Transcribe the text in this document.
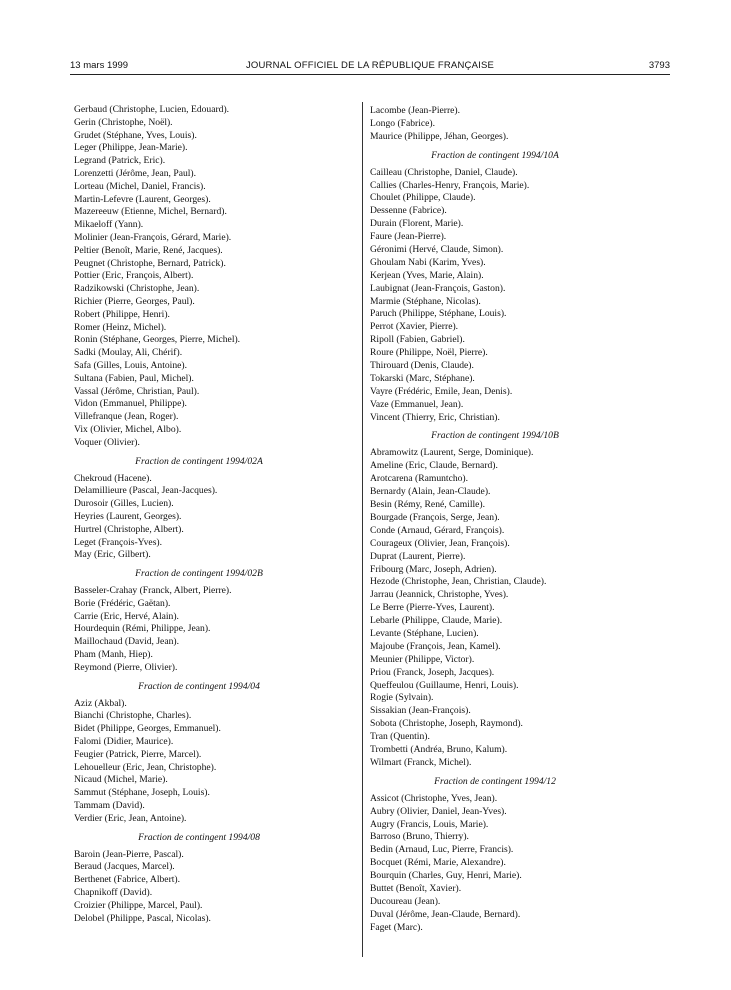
13 mars 1999	JOURNAL OFFICIEL DE LA RÉPUBLIQUE FRANÇAISE	3793
Gerbaud (Christophe, Lucien, Edouard).
Gerin (Christophe, Noël).
Grudet (Stéphane, Yves, Louis).
Leger (Philippe, Jean-Marie).
Legrand (Patrick, Eric).
Lorenzetti (Jérôme, Jean, Paul).
Lorteau (Michel, Daniel, Francis).
Martin-Lefevre (Laurent, Georges).
Mazereeuw (Etienne, Michel, Bernard).
Mikaeloff (Yann).
Molinier (Jean-François, Gérard, Marie).
Peltier (Benoît, Marie, René, Jacques).
Peugnet (Christophe, Bernard, Patrick).
Pottier (Eric, François, Albert).
Radzikowski (Christophe, Jean).
Richier (Pierre, Georges, Paul).
Robert (Philippe, Henri).
Romer (Heinz, Michel).
Ronin (Stéphane, Georges, Pierre, Michel).
Sadki (Moulay, Ali, Chérif).
Safa (Gilles, Louis, Antoine).
Sultana (Fabien, Paul, Michel).
Vassal (Jérôme, Christian, Paul).
Vidon (Emmanuel, Philippe).
Villefranque (Jean, Roger).
Vix (Olivier, Michel, Albo).
Voquer (Olivier).
Fraction de contingent 1994/02A
Chekroud (Hacene).
Delamillieure (Pascal, Jean-Jacques).
Durosoir (Gilles, Lucien).
Heyries (Laurent, Georges).
Hurtrel (Christophe, Albert).
Leget (François-Yves).
May (Eric, Gilbert).
Fraction de contingent 1994/02B
Basseler-Crahay (Franck, Albert, Pierre).
Borie (Frédéric, Gaëtan).
Carrie (Eric, Hervé, Alain).
Hourdequin (Rémi, Philippe, Jean).
Maillochaud (David, Jean).
Pham (Manh, Hiep).
Reymond (Pierre, Olivier).
Fraction de contingent 1994/04
Aziz (Akbal).
Bianchi (Christophe, Charles).
Bidet (Philippe, Georges, Emmanuel).
Falomi (Didier, Maurice).
Feugier (Patrick, Pierre, Marcel).
Lehouelleur (Eric, Jean, Christophe).
Nicaud (Michel, Marie).
Sammut (Stéphane, Joseph, Louis).
Tammam (David).
Verdier (Eric, Jean, Antoine).
Fraction de contingent 1994/08
Baroin (Jean-Pierre, Pascal).
Beraud (Jacques, Marcel).
Berthenet (Fabrice, Albert).
Chapnikoff (David).
Croizier (Philippe, Marcel, Paul).
Delobel (Philippe, Pascal, Nicolas).
Lacombe (Jean-Pierre).
Longo (Fabrice).
Maurice (Philippe, Jéhan, Georges).
Fraction de contingent 1994/10A
Cailleau (Christophe, Daniel, Claude).
Callies (Charles-Henry, François, Marie).
Choulet (Philippe, Claude).
Dessenne (Fabrice).
Durain (Florent, Marie).
Faure (Jean-Pierre).
Géronimi (Hervé, Claude, Simon).
Ghoulam Nabi (Karim, Yves).
Kerjean (Yves, Marie, Alain).
Laubignat (Jean-François, Gaston).
Marmie (Stéphane, Nicolas).
Paruch (Philippe, Stéphane, Louis).
Perrot (Xavier, Pierre).
Ripoll (Fabien, Gabriel).
Roure (Philippe, Noël, Pierre).
Thirouard (Denis, Claude).
Tokarski (Marc, Stéphane).
Vayre (Frédéric, Emile, Jean, Denis).
Vaze (Emmanuel, Jean).
Vincent (Thierry, Eric, Christian).
Fraction de contingent 1994/10B
Abramowitz (Laurent, Serge, Dominique).
Ameline (Eric, Claude, Bernard).
Arotcarena (Ramuntcho).
Bernardy (Alain, Jean-Claude).
Besin (Rémy, René, Camille).
Bourgade (François, Serge, Jean).
Conde (Arnaud, Gérard, François).
Courageux (Olivier, Jean, François).
Duprat (Laurent, Pierre).
Fribourg (Marc, Joseph, Adrien).
Hezode (Christophe, Jean, Christian, Claude).
Jarrau (Jeannick, Christophe, Yves).
Le Berre (Pierre-Yves, Laurent).
Lebarle (Philippe, Claude, Marie).
Levante (Stéphane, Lucien).
Majoube (François, Jean, Kamel).
Meunier (Philippe, Victor).
Priou (Franck, Joseph, Jacques).
Queffeulou (Guillaume, Henri, Louis).
Rogie (Sylvain).
Sissakian (Jean-François).
Sobota (Christophe, Joseph, Raymond).
Tran (Quentin).
Trombetti (Andréa, Bruno, Kalum).
Wilmart (Franck, Michel).
Fraction de contingent 1994/12
Assicot (Christophe, Yves, Jean).
Aubry (Olivier, Daniel, Jean-Yves).
Augry (Francis, Louis, Marie).
Barroso (Bruno, Thierry).
Bedin (Arnaud, Luc, Pierre, Francis).
Bocquet (Rémi, Marie, Alexandre).
Bourquin (Charles, Guy, Henri, Marie).
Buttet (Benoît, Xavier).
Ducoureau (Jean).
Duval (Jérôme, Jean-Claude, Bernard).
Faget (Marc).
